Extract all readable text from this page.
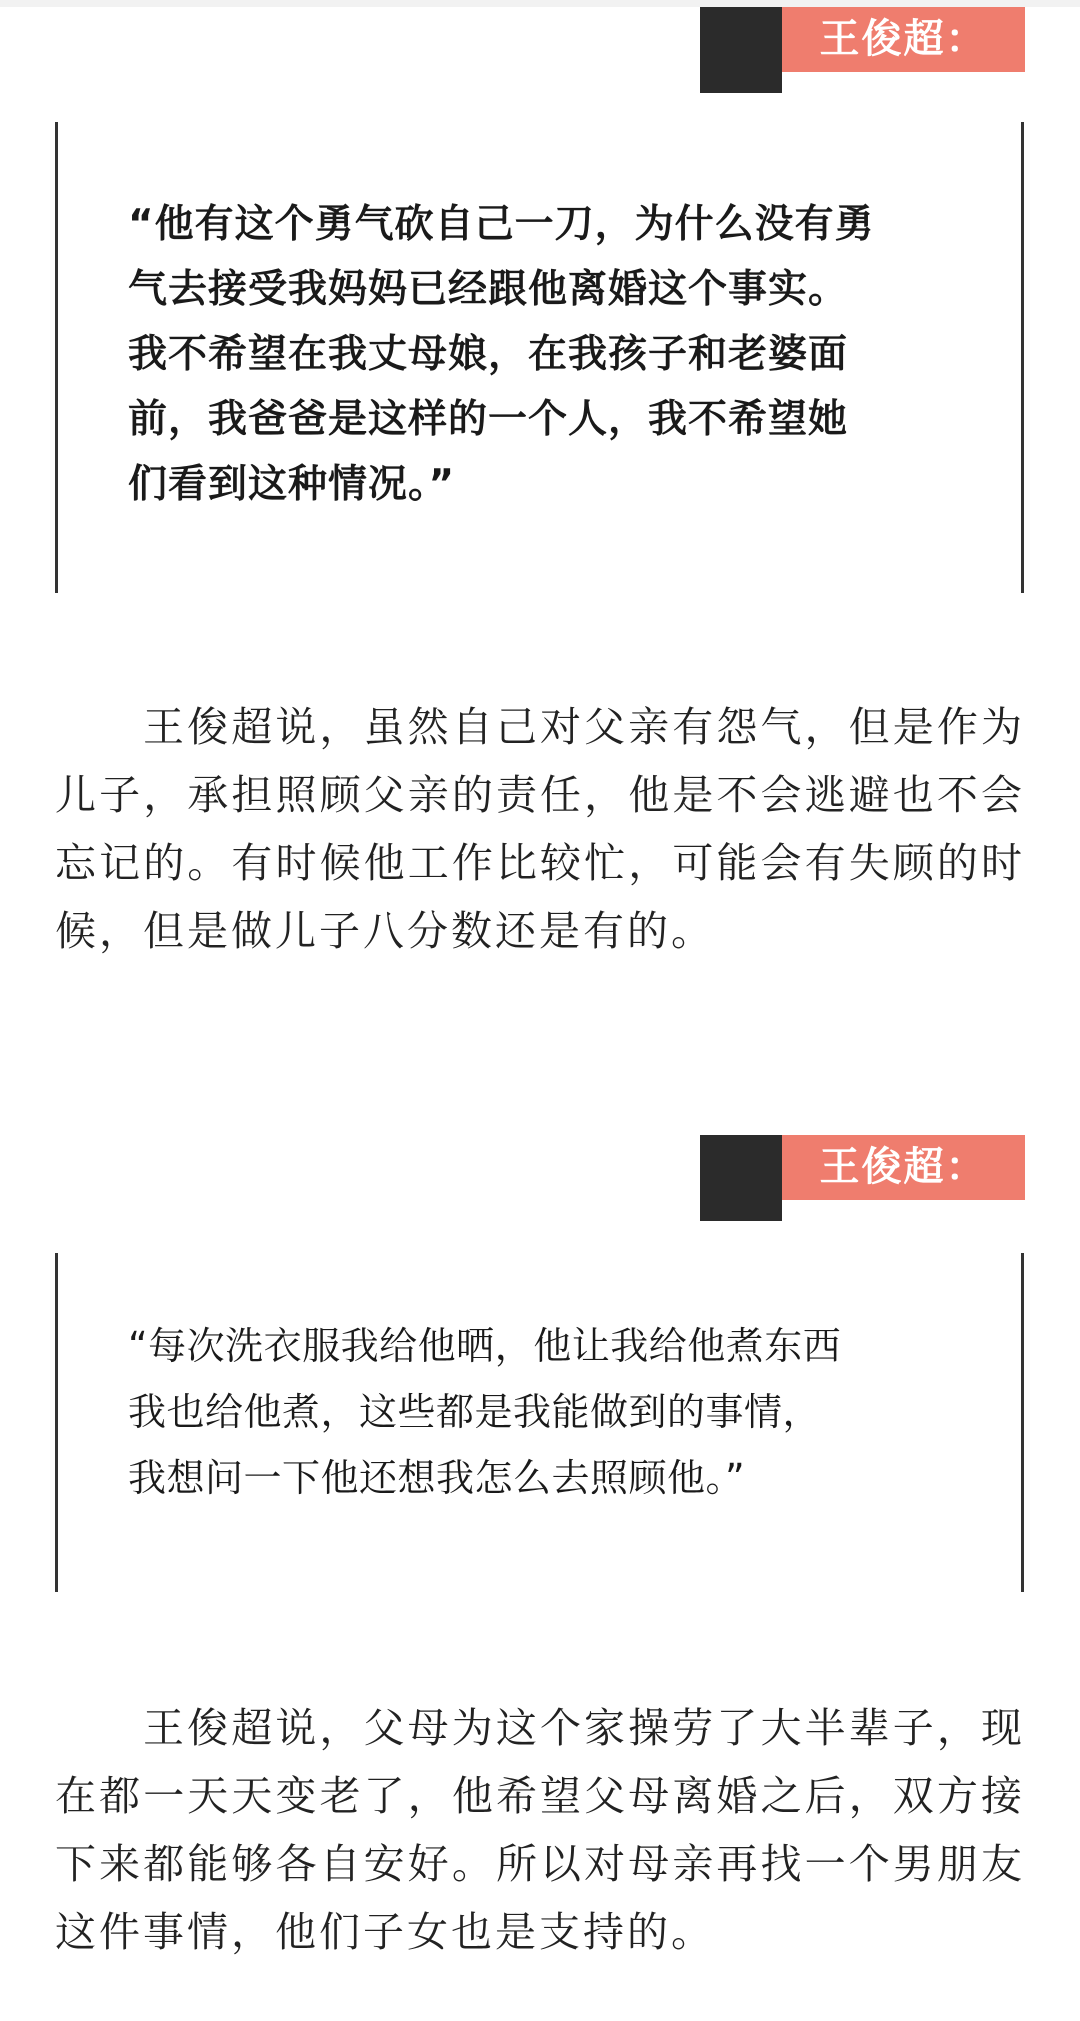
王俊超：

“他有这个勇气砍自己一刀，为什么没有勇
气去接受我妈妈已经跟他离婚这个事实。
我不希望在我丈母娘，在我孩子和老婆面
前，我爸爸是这样的一个人，我不希望她
们看到这种情况。”

王俊超说，虽然自己对父亲有怨气，但是作为儿子，承担照顾父亲的责任，他是不会逃避也不会忘记的。有时候他工作比较忙，可能会有失顾的时候，但是做儿子八分数还是有的。

王俊超：

“每次洗衣服我给他晒，他让我给他煮东西
我也给他煮，这些都是我能做到的事情，
我想问一下他还想我怎么去照顾他。”

王俊超说，父母为这个家操劳了大半辈子，现在都一天天变老了，他希望父母离婚之后，双方接下来都能够各自安好。所以对母亲再找一个男朋友这件事情，他们子女也是支持的。
